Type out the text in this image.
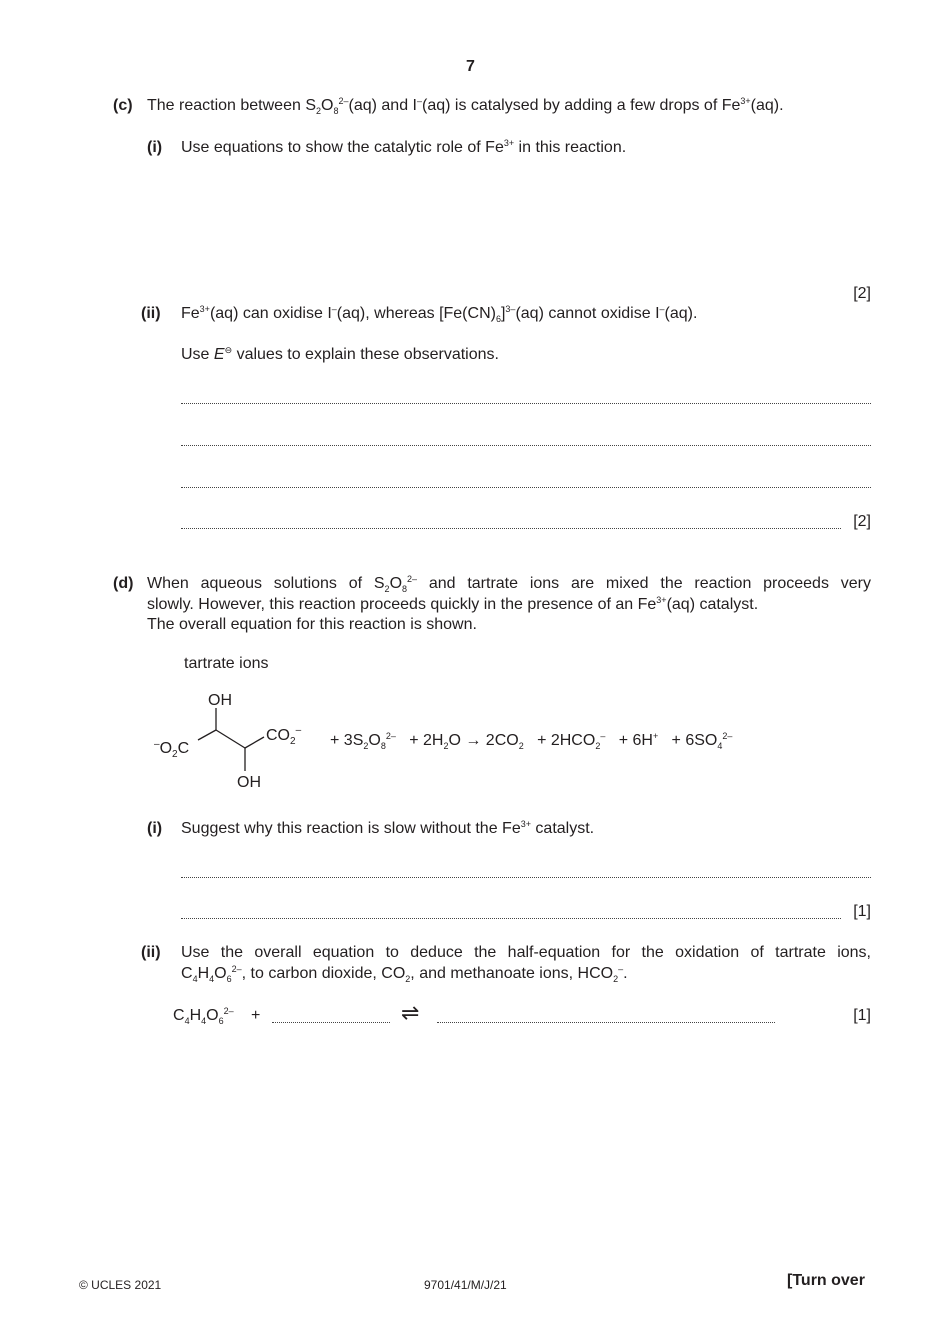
7
(c) The reaction between $S_2O_8^{2-}(aq)$ and I–(aq) is catalysed by adding a few drops of $Fe^{3+}(aq)$.
(i) Use equations to show the catalytic role of $Fe^{3+}$ in this reaction.
[2]
(ii) $Fe^{3+}(aq)$ can oxidise I–(aq), whereas $[Fe(CN)_6]^{3-}(aq)$ cannot oxidise I–(aq).
Use E⊖ values to explain these observations.
[2]
(d) When aqueous solutions of $S_2O_8^{2-}$ and tartrate ions are mixed the reaction proceeds very
slowly. However, this reaction proceeds quickly in the presence of an $Fe^{3+}(aq)$ catalyst.
The overall equation for this reaction is shown.
tartrate ions
OH
OH
$^-O_2C$
$CO_2^-$
+ $3S_2O_8^{2-} + 2H_2O \to 2CO_2 + 2HCO_2^- + 6H^+ + 6SO_4^{2-}$
(i) Suggest why this reaction is slow without the $Fe^{3+}$ catalyst.
[1]
(ii) Use the overall equation to deduce the half-equation for the oxidation of tartrate ions,
$C_4H_4O_6^{2-}$, to carbon dioxide, $CO_2$, and methanoate ions, $HCO_2^-$.
$C_4H_4O_6^{2-}$ +	⇌	[1]
© UCLES 2021	9701/41/M/J/21	[Turn over
